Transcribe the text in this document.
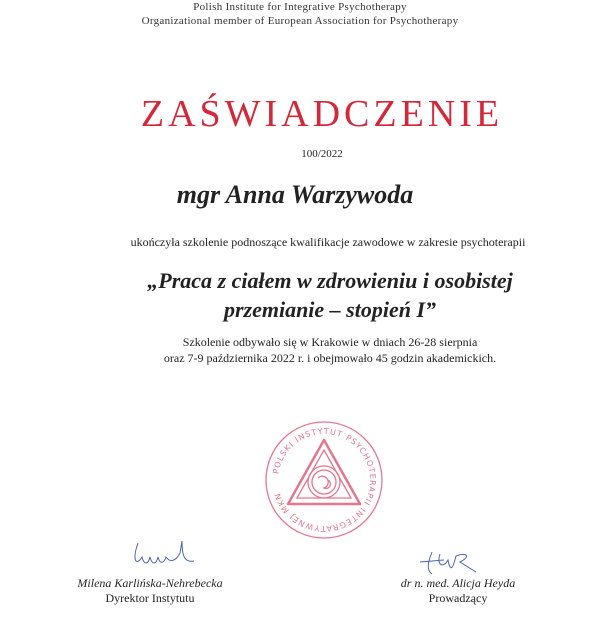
Polish Institute for Integrative Psychotherapy
Organizational member of European Association for Psychotherapy
ZAŚWIADCZENIE
100/2022
mgr Anna Warzywoda
ukończyła szkolenie podnoszące kwalifikacje zawodowe w zakresie psychoterapii
„Praca z ciałem w zdrowieniu i osobistej
przemianie – stopień I”
Szkolenie odbywało się w Krakowie w dniach 26-28 sierpnia
oraz 7-9 października 2022 r. i obejmowało 45 godzin akademickich.
POLSKI INSTYTUT PSYCHOTERAPII INTEGRATYWNEJ MKN
Milena Karlińska-Nehrebecka
Dyrektor Instytutu
dr n. med. Alicja Heyda
Prowadzący
